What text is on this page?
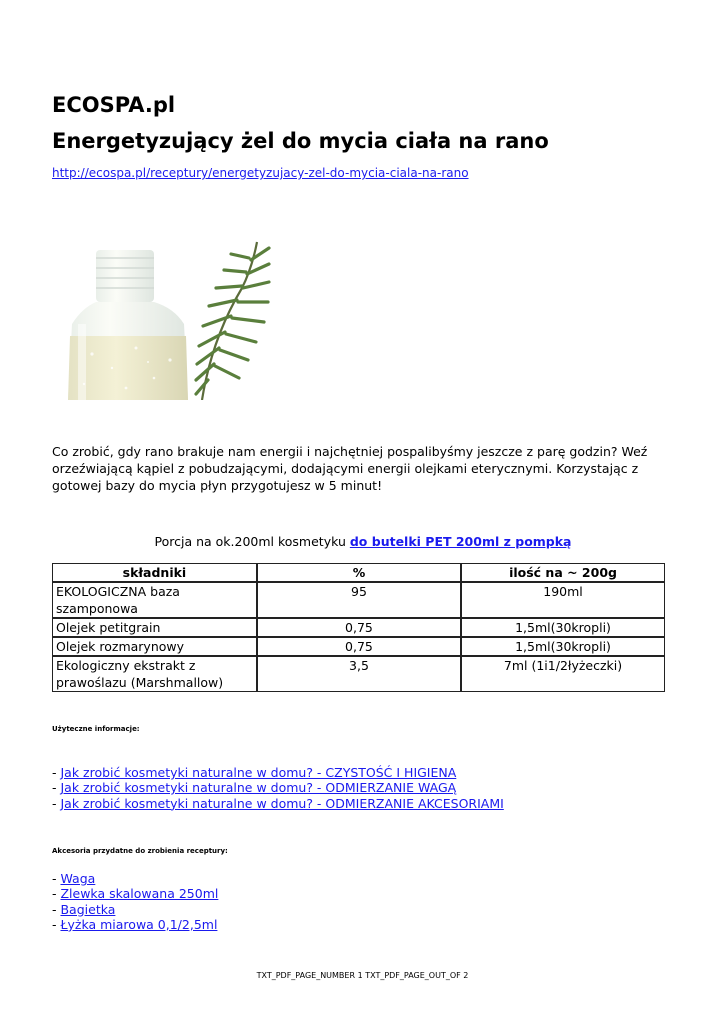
ECOSPA.pl
Energetyzujący żel do mycia ciała na rano
http://ecospa.pl/receptury/energetyzujacy-zel-do-mycia-ciala-na-rano

Co zrobić, gdy rano brakuje nam energii i najchętniej pospalibyśmy jeszcze z parę godzin? Weź orzeźwiającą kąpiel z pobudzającymi, dodającymi energii olejkami eterycznymi. Korzystając z gotowej bazy do mycia płyn przygotujesz w 5 minut!

Porcja na ok.200ml kosmetyku do butelki PET 200ml z pompką
składniki	%	ilość na ~ 200g
EKOLOGICZNA baza szamponowa	95	190ml
Olejek petitgrain	0,75	1,5ml(30kropli)
Olejek rozmarynowy	0,75	1,5ml(30kropli)
Ekologiczny ekstrakt z prawoślazu (Marshmallow)	3,5	7ml (1i1/2łyżeczki)
Użyteczne informacje:
- Jak zrobić kosmetyki naturalne w domu? - CZYSTOŚĆ I HIGIENA
- Jak zrobić kosmetyki naturalne w domu? - ODMIERZANIE WAGĄ
- Jak zrobić kosmetyki naturalne w domu? - ODMIERZANIE AKCESORIAMI
Akcesoria przydatne do zrobienia receptury:
- Waga
- Zlewka skalowana 250ml
- Bagietka
- Łyżka miarowa 0,1/2,5ml
TXT_PDF_PAGE_NUMBER 1 TXT_PDF_PAGE_OUT_OF 2
